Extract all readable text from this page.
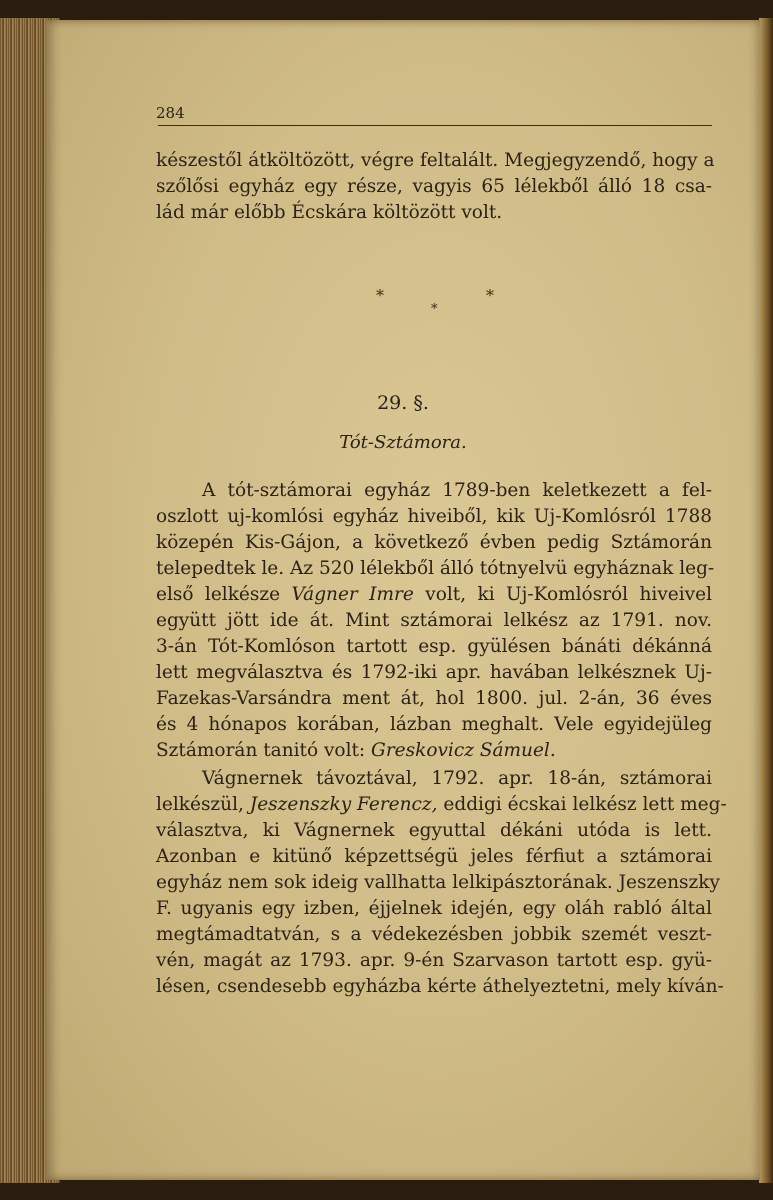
284
készestől átköltözött, végre feltalált. Megjegyzendő, hogy a
szőlősi egyház egy része, vagyis 65 lélekből álló 18 csa-
lád már előbb Écskára költözött volt.
*	*
*
29. §.
Tót-Sztámora.
A tót-sztámorai egyház 1789-ben keletkezett a fel-
oszlott uj-komlósi egyház hiveiből, kik Uj-Komlósról 1788
közepén Kis-Gájon, a következő évben pedig Sztámorán
telepedtek le. Az 520 lélekből álló tótnyelvü egyháznak leg-
első lelkésze Vágner Imre volt, ki Uj-Komlósról hiveivel
együtt jött ide át. Mint sztámorai lelkész az 1791. nov.
3-án Tót-Komlóson tartott esp. gyülésen bánáti dékánná
lett megválasztva és 1792-iki apr. havában lelkésznek Uj-
Fazekas-Varsándra ment át, hol 1800. jul. 2-án, 36 éves
és 4 hónapos korában, lázban meghalt. Vele egyidejüleg
Sztámorán tanitó volt: Greskovicz Sámuel.
Vágnernek távoztával, 1792. apr. 18-án, sztámorai
lelkészül, Jeszenszky Ferencz, eddigi écskai lelkész lett meg-
választva, ki Vágnernek egyuttal dékáni utóda is lett.
Azonban e kitünő képzettségü jeles férfiut a sztámorai
egyház nem sok ideig vallhatta lelkipásztorának. Jeszenszky
F. ugyanis egy izben, éjjelnek idején, egy oláh rabló által
megtámadtatván, s a védekezésben jobbik szemét veszt-
vén, magát az 1793. apr. 9-én Szarvason tartott esp. gyü-
lésen, csendesebb egyházba kérte áthelyeztetni, mely kíván-
